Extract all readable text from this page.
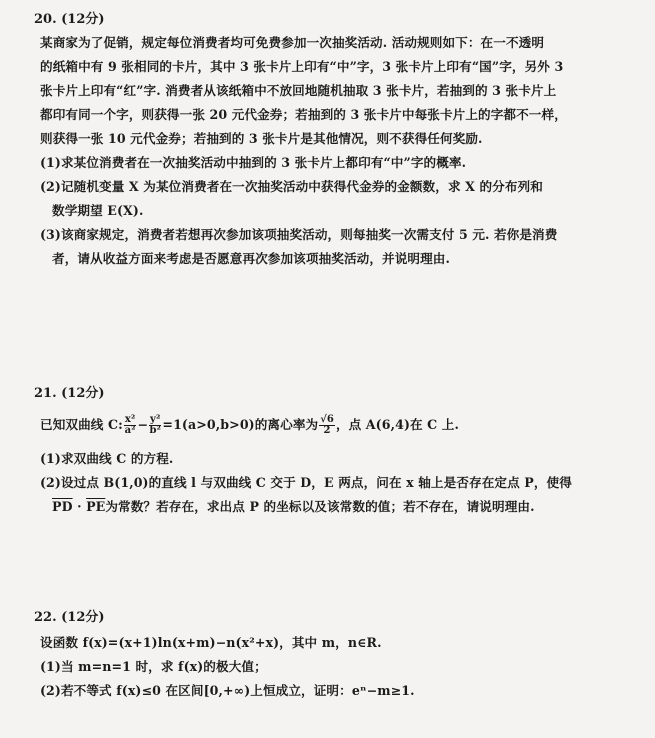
20. (12分)
某商家为了促销，规定每位消费者均可免费参加一次抽奖活动. 活动规则如下：在一不透明
的纸箱中有 9 张相同的卡片，其中 3 张卡片上印有“中”字，3 张卡片上印有“国”字，另外 3
张卡片上印有“红”字. 消费者从该纸箱中不放回地随机抽取 3 张卡片，若抽到的 3 张卡片上
都印有同一个字，则获得一张 20 元代金券；若抽到的 3 张卡片中每张卡片上的字都不一样，
则获得一张 10 元代金券；若抽到的 3 张卡片是其他情况，则不获得任何奖励.
(1)求某位消费者在一次抽奖活动中抽到的 3 张卡片上都印有“中”字的概率.
(2)记随机变量 X 为某位消费者在一次抽奖活动中获得代金券的金额数，求 X 的分布列和
数学期望 E(X).
(3)该商家规定，消费者若想再次参加该项抽奖活动，则每抽奖一次需支付 5 元. 若你是消费
者，请从收益方面来考虑是否愿意再次参加该项抽奖活动，并说明理由.
21. (12分)
已知双曲线 C: $\frac{\text{x²}}{\text{a²}} - \frac{\text{y²}}{\text{b²}} =1(a>0,b>0)$的离心率为 $\frac{√6}{2}$ ，点 A(6,4)在 C 上.
(1)求双曲线 C 的方程.
(2)设过点 B(1,0)的直线 l 与双曲线 C 交于 D，E 两点，问在 x 轴上是否存在定点 P，使得
$\overline{PD} \cdot \overline{PE}$为常数？若存在，求出点 P 的坐标以及该常数的值；若不存在，请说明理由.
22. (12分)
设函数 f(x)=(x+1)ln(x+m)−n(x²+x)，其中 m，n∈R.
(1)当 m=n=1 时，求 f(x)的极大值；
(2)若不等式 f(x)≤0 在区间[0,+∞)上恒成立，证明：eⁿ−m≥1.
